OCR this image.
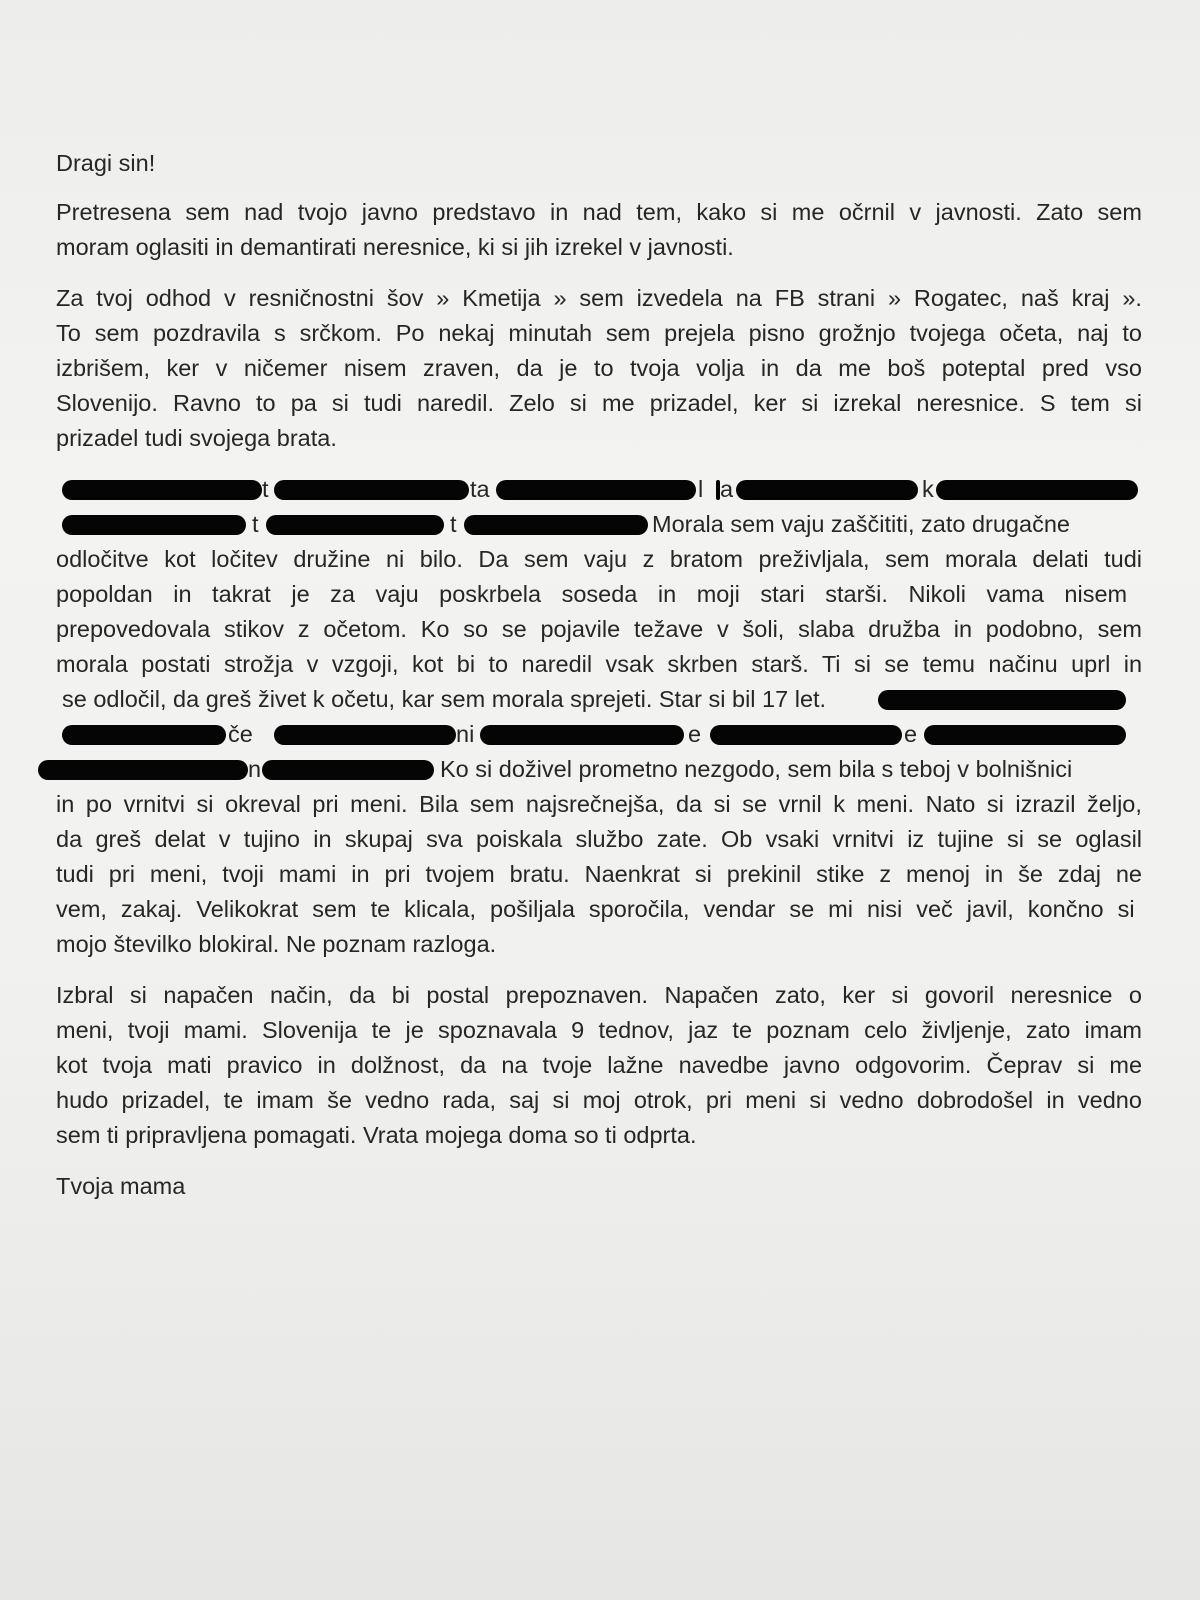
Dragi sin!

Pretresena sem nad tvojo javno predstavo in nad tem, kako si me očrnil v javnosti. Zato sem
moram oglasiti in demantirati neresnice, ki si jih izrekel v javnosti.
Za tvoj odhod v resničnostni šov » Kmetija » sem izvedela na FB strani » Rogatec, naš kraj ».
To sem pozdravila s srčkom. Po nekaj minutah sem prejela pisno grožnjo tvojega očeta, naj to
izbrišem, ker v ničemer nisem zraven, da je to tvoja volja in da me boš poteptal pred vso
Slovenijo. Ravno to pa si tudi naredil. Zelo si me prizadel, ker si izrekal neresnice. S tem si
prizadel tudi svojega brata.
t	ta	l a	k
t	t	Morala sem vaju zaščititi, zato drugačne
odločitve kot ločitev družine ni bilo. Da sem vaju z bratom preživljala, sem morala delati tudi
popoldan in takrat je za vaju poskrbela soseda in moji stari starši. Nikoli vama nisem
prepovedovala stikov z očetom. Ko so se pojavile težave v šoli, slaba družba in podobno, sem
morala postati strožja v vzgoji, kot bi to naredil vsak skrben starš. Ti si se temu načinu uprl in
se odločil, da greš živet k očetu, kar sem morala sprejeti. Star si bil 17 let.
če	ni	e	e
n	Ko si doživel prometno nezgodo, sem bila s teboj v bolnišnici
in po vrnitvi si okreval pri meni. Bila sem najsrečnejša, da si se vrnil k meni. Nato si izrazil željo,
da greš delat v tujino in skupaj sva poiskala službo zate. Ob vsaki vrnitvi iz tujine si se oglasil
tudi pri meni, tvoji mami in pri tvojem bratu. Naenkrat si prekinil stike z menoj in še zdaj ne
vem, zakaj. Velikokrat sem te klicala, pošiljala sporočila, vendar se mi nisi več javil, končno si
mojo številko blokiral. Ne poznam razloga.
Izbral si napačen način, da bi postal prepoznaven. Napačen zato, ker si govoril neresnice o
meni, tvoji mami. Slovenija te je spoznavala 9 tednov, jaz te poznam celo življenje, zato imam
kot tvoja mati pravico in dolžnost, da na tvoje lažne navedbe javno odgovorim. Čeprav si me
hudo prizadel, te imam še vedno rada, saj si moj otrok, pri meni si vedno dobrodošel in vedno
sem ti pripravljena pomagati. Vrata mojega doma so ti odprta.

Tvoja mama
